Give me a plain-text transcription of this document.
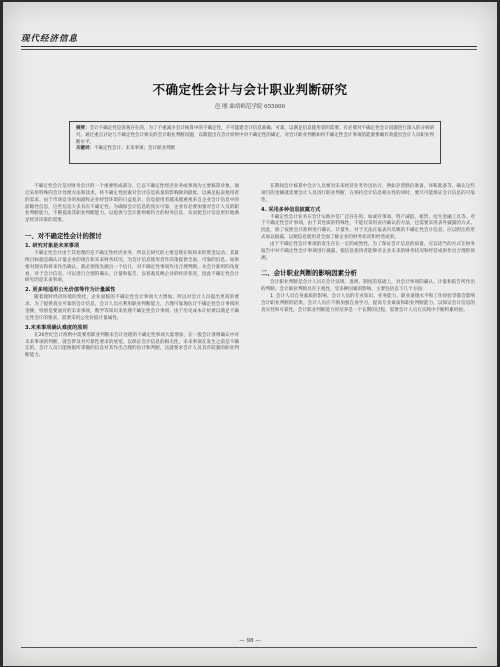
现代经济信息
不确定性会计与会计职业判断研究
邑 刚 曲靖师范学院 655000

摘要：会计不确定性是客观存在的，为了不重减少会计核算中的不确定性，不可能建会计信息准确、可靠，以满足信息使用者的需要。有必要对不确定性会计问题进行深入的分析研究，通过重点讨论与不确定性会计相关的会计职业判断问题，以期提出在会计原则中对不确定性的确定，对会计职业判断如何不确定性会计事项的能量要确有效提出会计人员职业判断水平。

关键词：不确定性会计；未来事项；会计职业判断

不确定性会计是对财务会计的一个重要组成部分，它以不确定性经济业务或事项为主要核算对象，通过采用特殊的会计处理方法和技术，将不确定性因素对会计信息质量的影响降到最低，以满足报表使用者的需求。由于市场竞争的加剧和企业经营环境的日益复杂，信息使用者越来越重视来自企业会计信息中的前瞻性信息，这些信息大多具有不确定性。为确保会计信息的真实可靠，企业有必要加强对会计人员的职业判断能力，不断提高其职业判断能力，以提供与会计准则相符合的财务信息，从而使会计信息更好地满足经济决策的需要。

一、对不确定性会计的探讨
1. 研究对象是未来事项

不确定性会计由于其处理的是不确定性经济业务，所以它研究的主要是现在和将来的资金运动。其最终目标就是确认计量企业的现在和未来财务状况，为会计信息使用者作决策提供全面、可靠的信息。如果要对现实和将来作出确认，就必须预先做出一个估计，对不确定性事项作出合理判断。从会计准则的角度看，对于会计信息，可以进行合理的确认、计量和报告，以客观反映企业的经济状况，因此不确定性会计研究的是未来事项。

2. 更多地适用公允价值等作为计量属性

随着现时经济环境的变化，企业面临的不确定性会计事项大大增加，所以对会计人员提出更高的要求，为了提供真实可靠的会计信息，会计人员应利用职业判断能力，合理可靠地估计不确定性会计事项的金额，特别是要面对的未来事项，数学等知识来处理不确定性会计事项。由于历史成本计价难以满足不确定性会计的要求，需要采用公允价值计量属性。

3.未来事项确认难度的原则

在20世纪会计准则中需要用职业判断来会计处理的不确定性事项大量增加，在一般会计准则确认中对未来事项的判断，就会涉及对可靠性要求的放宽，以保证会计信息的相关性。未来事项在发生之前是不确定的，会计人员只能根据所掌握的信息对其作出合理的估计和判断，这就要求会计人员具有较强的职业判断能力。

在期间会计核算中会计人员要对未来经济业务作出估计，例如存货跌价准备、坏账准备等，确认这些项目的金额就需要会计人员进行职业判断，在保持会计信息相关性的同时，要尽可能保证会计信息的可靠性。

4. 采用多种信息披露方式

不确定性会计业务在会计实践中是广泛存在的，如或有事项、资产减值、租赁、衍生金融工具等。对于不确定性会计事项，由于其性质的特殊性，不能仅采用表内确认的方法，还需要采用表外披露的方式。因此，除了按照会计准则进行确认、计量外，对于无法在报表内反映的不确定性会计信息，应以附注的形式加以披露，以便信息使用者全面了解企业的财务状况和经营成果。

由于不确定性会计事项的发生存在一定的或然性，为了保证会计信息的质量，应以适当的方式在财务报告中对不确定性会计事项进行披露，使信息使用者能够对企业未来的财务状况和经营成果作出合理的预测。

二、会计职业判断的影响因素分析

会计职业判断是会计人员在会计法规、准则、制度的基础上，对会计事项的确认、计量和报告所作出的判断。会计职业判断具有主观性，受多种因素的影响，主要包括以下几个方面：

1. 会计人员自身素质的影响。会计人员的专业知识、业务能力、职业道德水平和工作经验等都会影响会计职业判断的结果。会计人员应不断加强自身学习，提高专业素质和职业判断能力，以保证会计信息的真实性和可靠性。会计职业判断能力的培养是一个长期的过程，需要会计人员在实践中不断积累经验。

— 98 —
